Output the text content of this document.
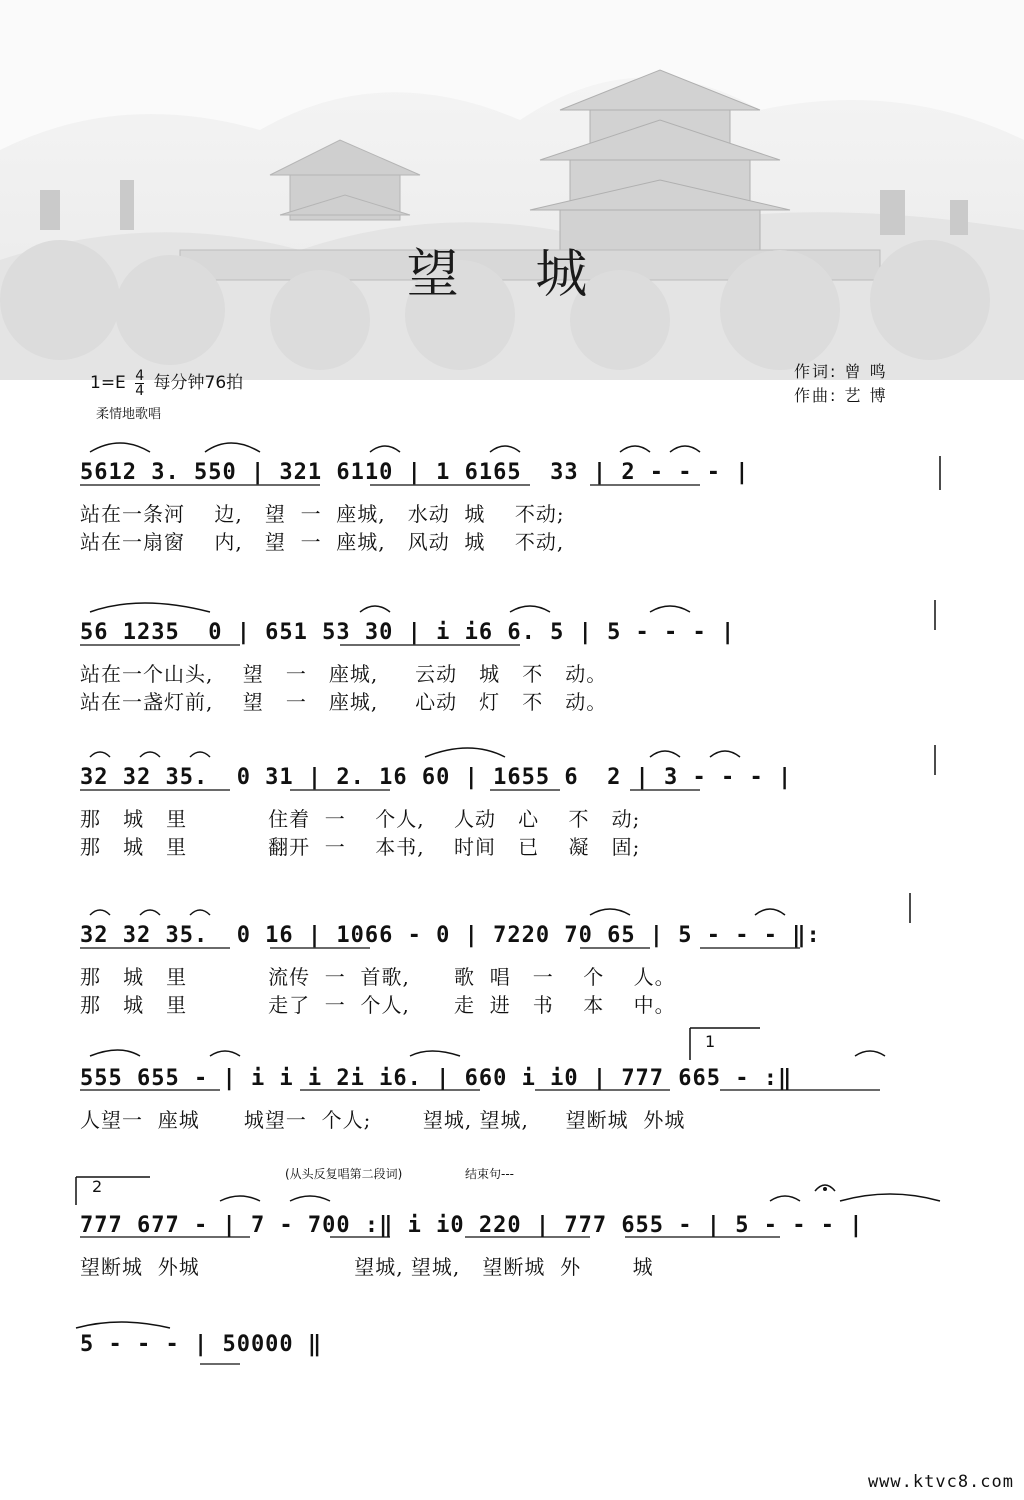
望 城
$1=E \frac{4}{4}$ 每分钟76拍
柔情地歌唱
作词: 曾 鸣
作曲: 艺 博
5612 3. 550 | 321 6110 | 1 6165  33 | 2 - - - |
站在一条河    边,   望  一  座城,   水动  城    不动;
站在一扇窗    内,   望  一  座城,   风动  城    不动,
56 1235  0 | 651 53 30 | i i6 6. 5 | 5 - - - |
站在一个山头,    望   一   座城,     云动   城   不   动。
站在一盏灯前,    望   一   座城,     心动   灯   不   动。
32 32 35.  0 31 | 2. 16 60 | 1655 6  2 | 3 - - - |
那   城   里           住着  一    个人,    人动   心    不   动;
那   城   里           翻开  一    本书,    时间   已    凝   固;
32 32 35.  0 16 | 1066 - 0 | 7220 70 65 | 5 - - - ‖:
那   城   里           流传  一  首歌,      歌  唱   一    个    人。
那   城   里           走了  一  个人,      走  进   书    本    中。
1
555 655 - | i i i 2i i6. | 660 i i0 | 777 665 - :‖
人望一  座城      城望一  个人;       望城, 望城,     望断城  外城
(从头反复唱第二段词)	结束句---
2
777 677 - | 7 - 700 :‖ i i0 220 | 777 655 - | 5 - - - |
望断城  外城                     望城, 望城,   望断城  外       城
5 - - - | 50000 ‖
www.ktvc8.com
